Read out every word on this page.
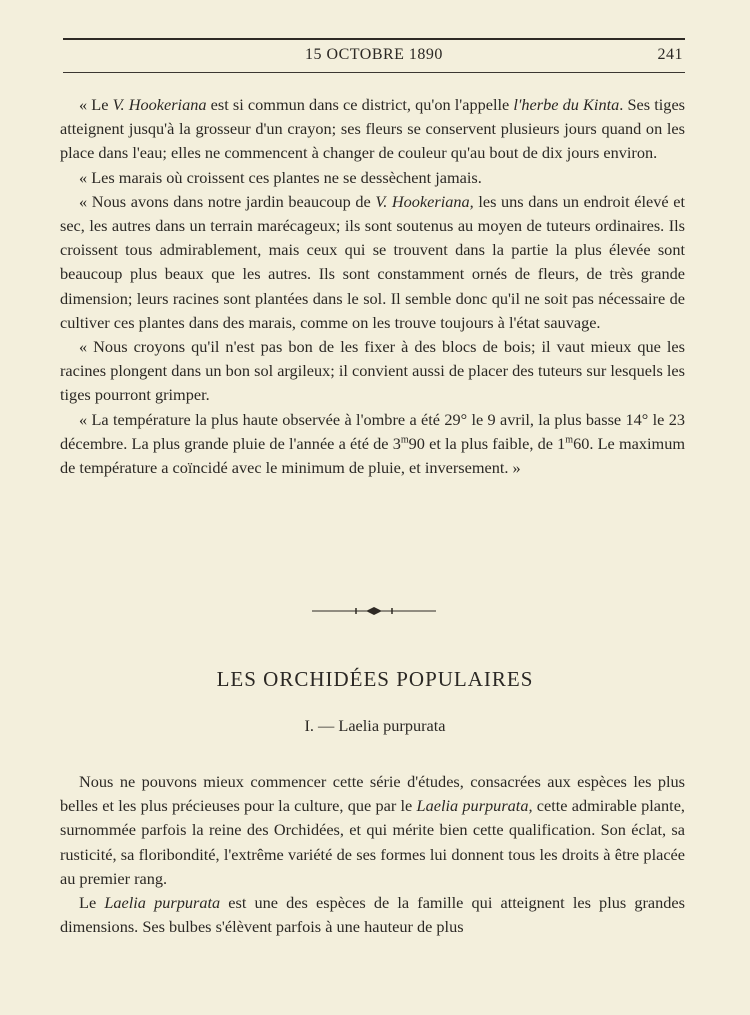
15 OCTOBRE 1890	241

« Le V. Hookeriana est si commun dans ce district, qu'on l'appelle l'herbe du Kinta. Ses tiges atteignent jusqu'à la grosseur d'un crayon; ses fleurs se conservent plusieurs jours quand on les place dans l'eau; elles ne commencent à changer de couleur qu'au bout de dix jours environ.

« Les marais où croissent ces plantes ne se dessèchent jamais.

« Nous avons dans notre jardin beaucoup de V. Hookeriana, les uns dans un endroit élevé et sec, les autres dans un terrain marécageux; ils sont soutenus au moyen de tuteurs ordinaires. Ils croissent tous admirablement, mais ceux qui se trouvent dans la partie la plus élevée sont beaucoup plus beaux que les autres. Ils sont constamment ornés de fleurs, de très grande dimension; leurs racines sont plantées dans le sol. Il semble donc qu'il ne soit pas nécessaire de cultiver ces plantes dans des marais, comme on les trouve toujours à l'état sauvage.

« Nous croyons qu'il n'est pas bon de les fixer à des blocs de bois; il vaut mieux que les racines plongent dans un bon sol argileux; il convient aussi de placer des tuteurs sur lesquels les tiges pourront grimper.

« La température la plus haute observée à l'ombre a été 29° le 9 avril, la plus basse 14° le 23 décembre. La plus grande pluie de l'année a été de 3$^m$90 et la plus faible, de 1$^m$60. Le maximum de température a coïncidé avec le minimum de pluie, et inversement. »

LES ORCHIDÉES POPULAIRES
I. — Laelia purpurata

Nous ne pouvons mieux commencer cette série d'études, consacrées aux espèces les plus belles et les plus précieuses pour la culture, que par le Laelia purpurata, cette admirable plante, surnommée parfois la reine des Orchidées, et qui mérite bien cette qualification. Son éclat, sa rusticité, sa floribondité, l'extrême variété de ses formes lui donnent tous les droits à être placée au premier rang.

Le Laelia purpurata est une des espèces de la famille qui atteignent les plus grandes dimensions. Ses bulbes s'élèvent parfois à une hauteur de plus
